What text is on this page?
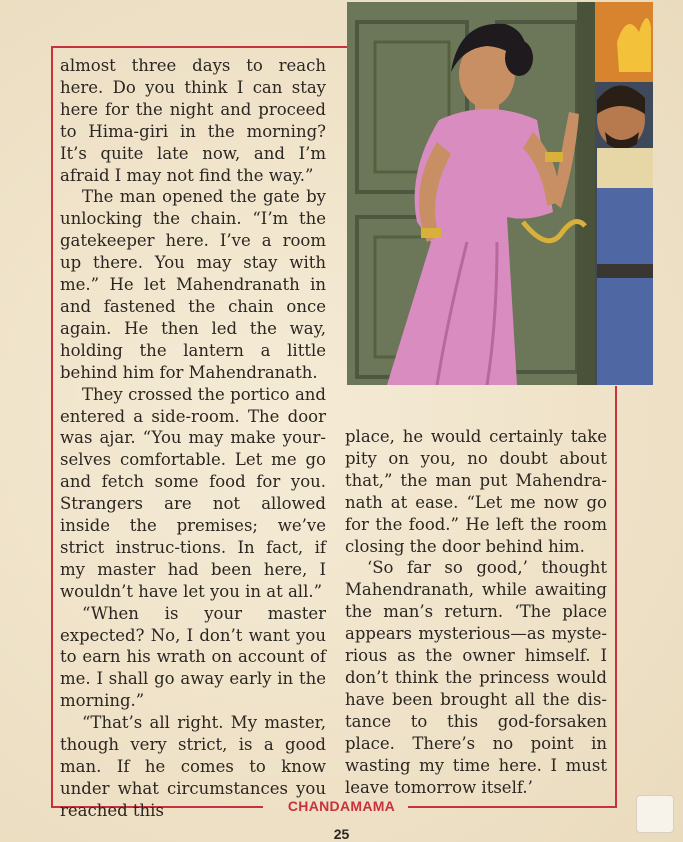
almost three days to reach here. Do you think I can stay here for the night and proceed to Hima-giri in the morning? It’s quite late now, and I’m afraid I may not find the way.”

The man opened the gate by unlocking the chain. “I’m the gatekeeper here. I’ve a room up there. You may stay with me.” He let Mahendranath in and fastened the chain once again. He then led the way, holding the lantern a little behind him for Mahendranath.

They crossed the portico and entered a side-room. The door was ajar. “You may make your-selves comfortable. Let me go and fetch some food for you. Strangers are not allowed inside the premises; we’ve strict instruc-tions. In fact, if my master had been here, I wouldn’t have let you in at all.”

“When is your master expected? No, I don’t want you to earn his wrath on account of me. I shall go away early in the morning.”

“That’s all right. My master, though very strict, is a good man. If he comes to know under what circumstances you reached this

place, he would certainly take pity on you, no doubt about that,” the man put Mahendra-nath at ease. “Let me now go for the food.” He left the room closing the door behind him.

‘So far so good,’ thought Mahendranath, while awaiting the man’s return. ‘The place appears mysterious—as myste-rious as the owner himself. I don’t think the princess would have been brought all the dis-tance to this god-forsaken place. There’s no point in wasting my time here. I must leave tomorrow itself.’

CHANDAMAMA
25
